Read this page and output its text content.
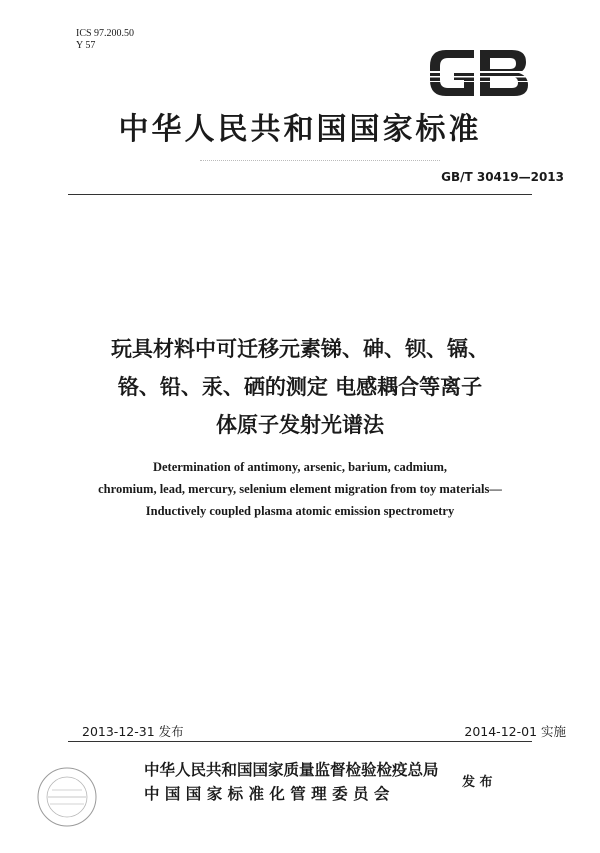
ICS 97.200.50
Y 57
中华人民共和国国家标准
GB/T 30419—2013
玩具材料中可迁移元素锑、砷、钡、镉、
铬、铅、汞、硒的测定 电感耦合等离子
体原子发射光谱法
Determination of antimony, arsenic, barium, cadmium,
chromium, lead, mercury, selenium element migration from toy materials—
Inductively coupled plasma atomic emission spectrometry
2013-12-31 发布	2014-12-01 实施
中华人民共和国国家质量监督检验检疫总局
中 国 国 家 标 准 化 管 理 委 员 会
发 布
